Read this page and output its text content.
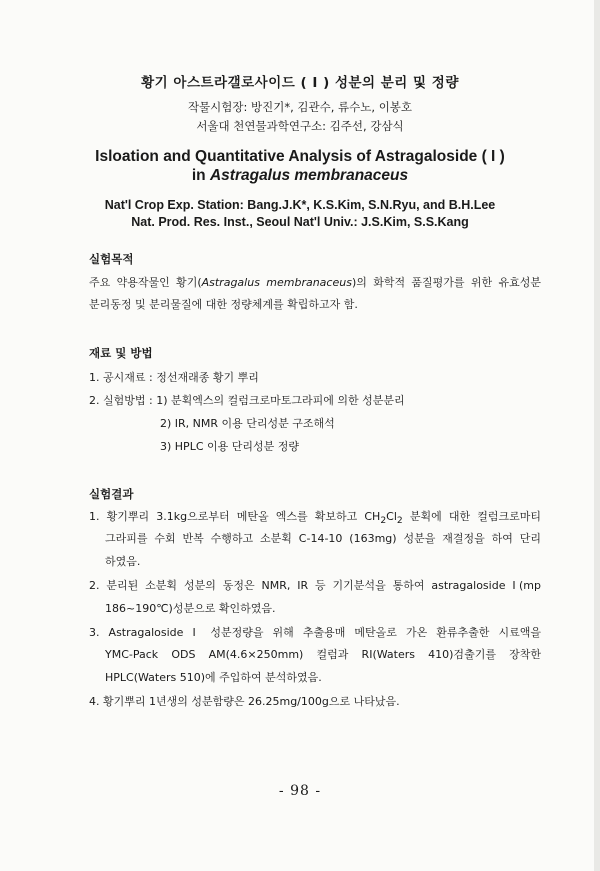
황기 아스트라갤로사이드 ( Ⅰ ) 성분의 분리 및 정량
작물시험장: 방진기*, 김관수, 류수노, 이봉호
서울대 천연물과학연구소: 김주선, 강삼식
Isloation and Quantitative Analysis of Astragaloside ( I )
in Astragalus membranaceus
Nat'l Crop Exp. Station: Bang.J.K*, K.S.Kim, S.N.Ryu, and B.H.Lee
Nat. Prod. Res. Inst., Seoul Nat'l Univ.: J.S.Kim, S.S.Kang
실험목적
주요 약용작물인 황기(Astragalus membranaceus)의 화학적 품질평가를 위한 유효성분
분리동정 및 분리물질에 대한 정량체계를 확립하고자 함.
재료 및 방법
1. 공시재료 : 정선재래종 황기 뿌리
2. 실험방법 : 1) 분획엑스의 컬럼크로마토그라피에 의한 성분분리
2) IR, NMR 이용 단리성분 구조해석
3) HPLC 이용 단리성분 정량
실험결과
1. 황기뿌리 3.1kg으로부터 메탄올 엑스를 확보하고 $CH_2Cl_2$ 분획에 대한 컬럼크로마티
그라피를 수회 반복 수행하고 소분획 C-14-10 (163mg) 성분을 재결정을 하여 단리
하였음.
2. 분리된 소분획 성분의 동정은 NMR, IR 등 기기분석을 통하여 astragaloside Ⅰ(mp
186~190℃)성분으로 확인하였음.
3. Astragaloside Ⅰ 성분정량을 위해 추출용매 메탄올로 가온 환류추출한 시료액을
YMC-Pack ODS AM(4.6×250mm) 컬럼과 RI(Waters 410)검출기를 장착한
HPLC(Waters 510)에 주입하여 분석하였음.
4. 황기뿌리 1년생의 성분함량은 26.25mg/100g으로 나타났음.
- 98 -
